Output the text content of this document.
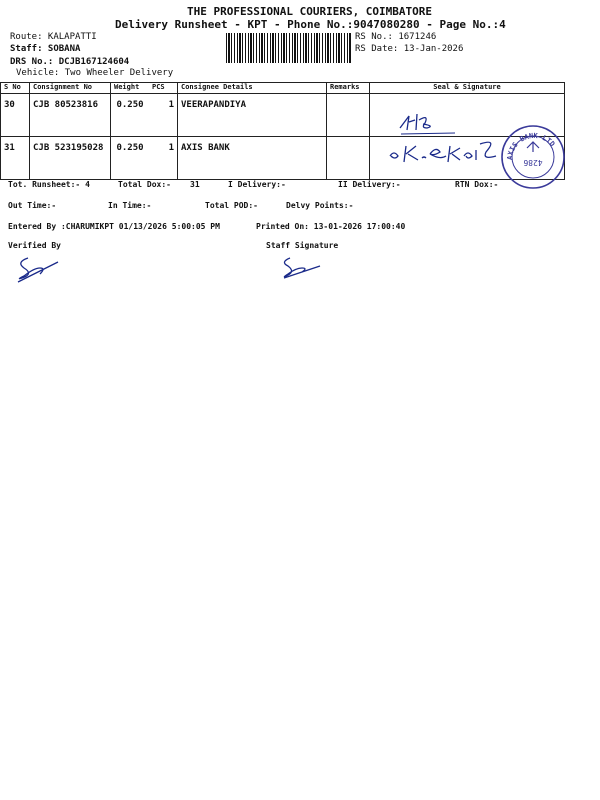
THE PROFESSIONAL COURIERS, COIMBATORE
Delivery Runsheet - KPT - Phone No.:9047080280 - Page No.:4
Route: KALAPATTI
Staff: SOBANA
DRS No.: DCJB167124604
Vehicle: Two Wheeler Delivery
RS No.: 1671246
RS Date: 13-Jan-2026
S No	Consignment No	Weight	PCS	Consignee Details	Remarks	Seal & Signature
30	CJB 80523816	0.250	1	VEERAPANDIYA		
31	CJB 523195028	0.250	1	AXIS BANK		
AXIS BANK LTD
4286
Tot. Runsheet:- 4	Total Dox:- 31	I Delivery:-	II Delivery:-	RTN Dox:-
Out Time:-	In Time:-	Total POD:-	Delvy Points:-
Entered By :CHARUMIKPT 01/13/2026 5:00:05 PM	Printed On: 13-01-2026 17:00:40
Verified By	Staff Signature
